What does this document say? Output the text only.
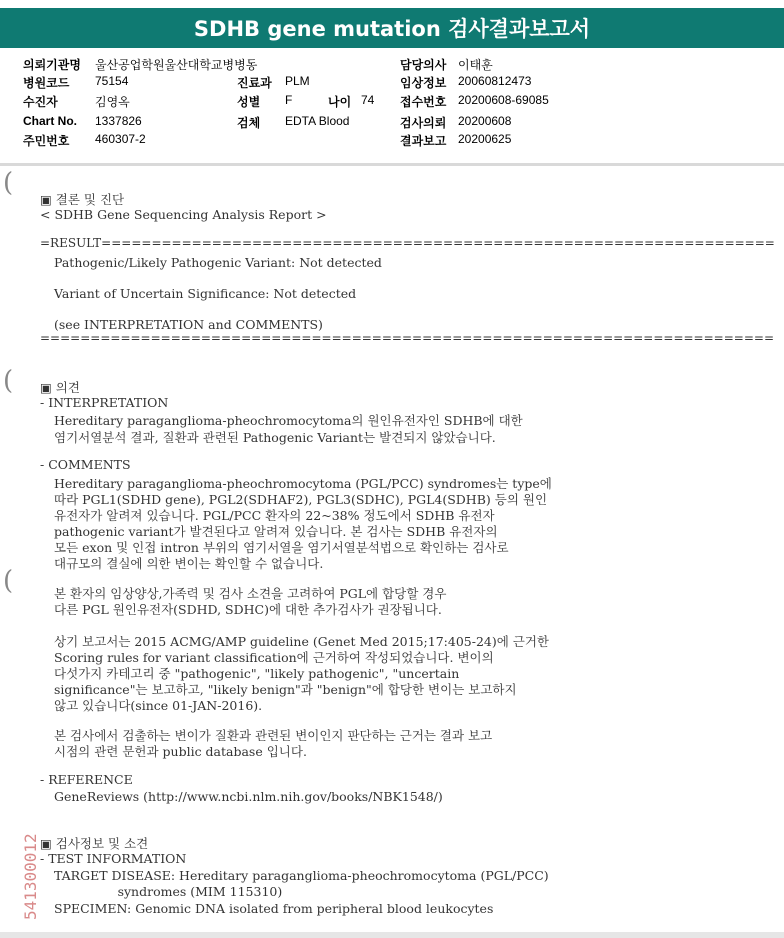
SDHB gene mutation 검사결과보고서
의뢰기관명 울산공업학원울산대학교병병동	담당의사 이태훈
병원코드 75154	진료과 PLM	임상정보 20060812473
수진자	김영옥	성별 F	나이 74 접수번호 20200608-69085
Chart No. 1337826	검체 EDTA Blood	검사의뢰 20200608
주민번호 460307-2	결과보고 20200625
(
(
(
▣ 결론 및 진단
< SDHB Gene Sequencing Analysis Report >
=RESULT===================================================================
Pathogenic/Likely Pathogenic Variant: Not detected
Variant of Uncertain Significance: Not detected
(see INTERPRETATION and COMMENTS)
=========================================================================
▣ 의견
- INTERPRETATION
Hereditary paraganglioma-pheochromocytoma의 원인유전자인 SDHB에 대한
염기서열분석 결과, 질환과 관련된 Pathogenic Variant는 발견되지 않았습니다.
- COMMENTS
Hereditary paraganglioma-pheochromocytoma (PGL/PCC) syndromes는 type에
따라 PGL1(SDHD gene), PGL2(SDHAF2), PGL3(SDHC), PGL4(SDHB) 등의 원인
유전자가 알려져 있습니다. PGL/PCC 환자의 22~38% 정도에서 SDHB 유전자
pathogenic variant가 발견된다고 알려져 있습니다. 본 검사는 SDHB 유전자의
모든 exon 및 인접 intron 부위의 염기서열을 염기서열분석법으로 확인하는 검사로
대규모의 결실에 의한 변이는 확인할 수 없습니다.
본 환자의 임상양상,가족력 및 검사 소견을 고려하여 PGL에 합당할 경우
다른 PGL 원인유전자(SDHD, SDHC)에 대한 추가검사가 권장됩니다.
상기 보고서는 2015 ACMG/AMP guideline (Genet Med 2015;17:405-24)에 근거한
Scoring rules for variant classification에 근거하여 작성되었습니다. 변이의
다섯가지 카테고리 중 "pathogenic", "likely pathogenic", "uncertain
significance"는 보고하고, "likely benign"과 "benign"에 합당한 변이는 보고하지
않고 있습니다(since 01-JAN-2016).
본 검사에서 검출하는 변이가 질환과 관련된 변이인지 판단하는 근거는 결과 보고
시점의 관련 문헌과 public database 입니다.
- REFERENCE
GeneReviews (http://www.ncbi.nlm.nih.gov/books/NBK1548/)
▣ 검사정보 및 소견
- TEST INFORMATION
TARGET DISEASE: Hereditary paraganglioma-pheochromocytoma (PGL/PCC)
syndromes (MIM 115310)
SPECIMEN: Genomic DNA isolated from peripheral blood leukocytes
541300012
